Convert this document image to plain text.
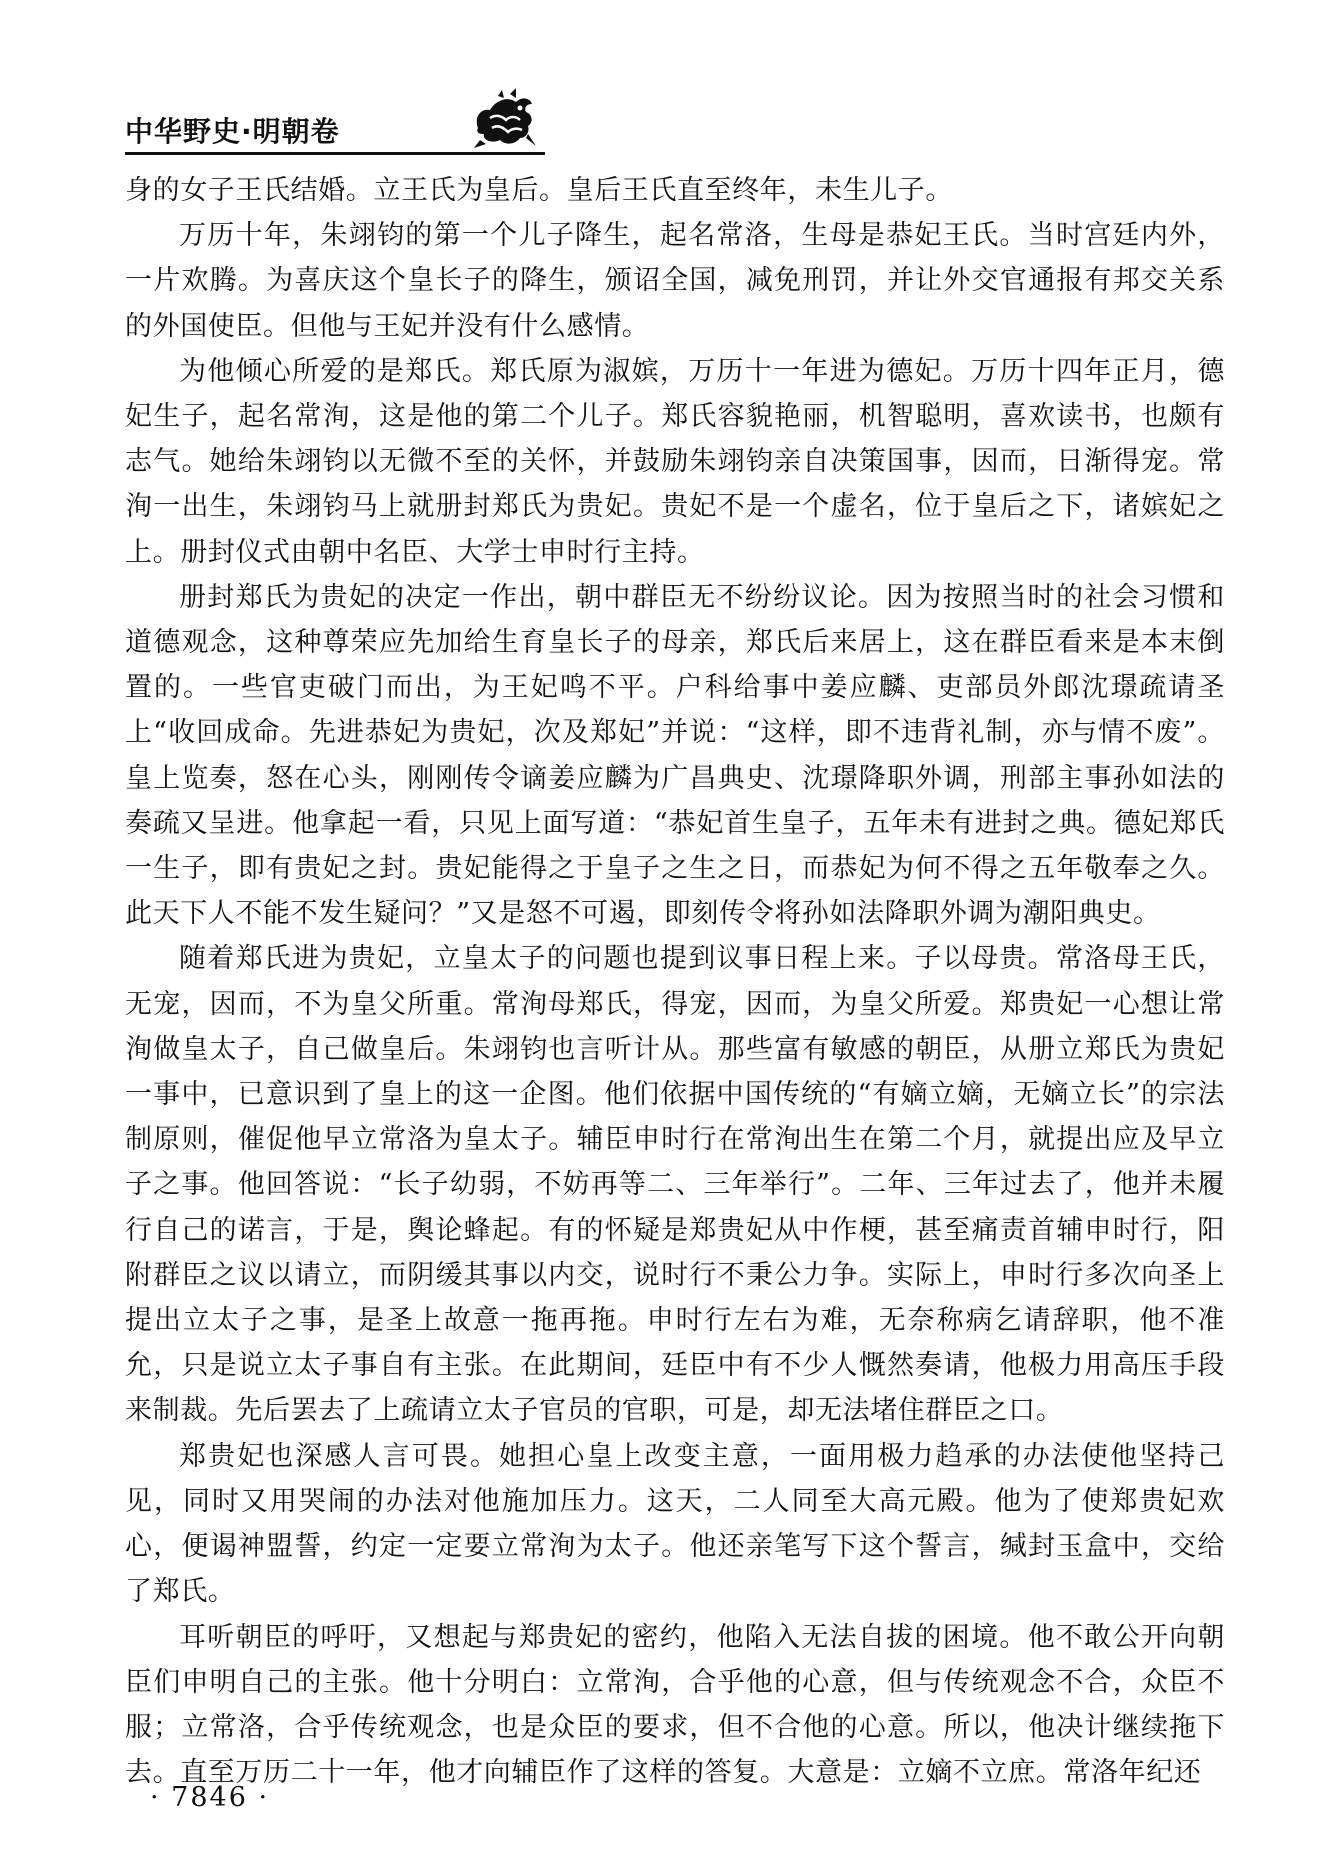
中华野史·明朝卷

身的女子王氏结婚。立王氏为皇后。皇后王氏直至终年，未生儿子。

万历十年，朱翊钧的第一个儿子降生，起名常洛，生母是恭妃王氏。当时宫廷内外，一片欢腾。为喜庆这个皇长子的降生，颁诏全国，减免刑罚，并让外交官通报有邦交关系的外国使臣。但他与王妃并没有什么感情。

为他倾心所爱的是郑氏。郑氏原为淑嫔，万历十一年进为德妃。万历十四年正月，德妃生子，起名常洵，这是他的第二个儿子。郑氏容貌艳丽，机智聪明，喜欢读书，也颇有志气。她给朱翊钧以无微不至的关怀，并鼓励朱翊钧亲自决策国事，因而，日渐得宠。常洵一出生，朱翊钧马上就册封郑氏为贵妃。贵妃不是一个虚名，位于皇后之下，诸嫔妃之上。册封仪式由朝中名臣、大学士申时行主持。

册封郑氏为贵妃的决定一作出，朝中群臣无不纷纷议论。因为按照当时的社会习惯和道德观念，这种尊荣应先加给生育皇长子的母亲，郑氏后来居上，这在群臣看来是本末倒置的。一些官吏破门而出，为王妃鸣不平。户科给事中姜应麟、吏部员外郎沈璟疏请圣上“收回成命。先进恭妃为贵妃，次及郑妃”并说：“这样，即不违背礼制，亦与情不废”。皇上览奏，怒在心头，刚刚传令谪姜应麟为广昌典史、沈璟降职外调，刑部主事孙如法的奏疏又呈进。他拿起一看，只见上面写道：“恭妃首生皇子，五年未有进封之典。德妃郑氏一生子，即有贵妃之封。贵妃能得之于皇子之生之日，而恭妃为何不得之五年敬奉之久。此天下人不能不发生疑问？”又是怒不可遏，即刻传令将孙如法降职外调为潮阳典史。

随着郑氏进为贵妃，立皇太子的问题也提到议事日程上来。子以母贵。常洛母王氏，无宠，因而，不为皇父所重。常洵母郑氏，得宠，因而，为皇父所爱。郑贵妃一心想让常洵做皇太子，自己做皇后。朱翊钧也言听计从。那些富有敏感的朝臣，从册立郑氏为贵妃一事中，已意识到了皇上的这一企图。他们依据中国传统的“有嫡立嫡，无嫡立长”的宗法制原则，催促他早立常洛为皇太子。辅臣申时行在常洵出生在第二个月，就提出应及早立子之事。他回答说：“长子幼弱，不妨再等二、三年举行”。二年、三年过去了，他并未履行自己的诺言，于是，舆论蜂起。有的怀疑是郑贵妃从中作梗，甚至痛责首辅申时行，阳附群臣之议以请立，而阴缓其事以内交，说时行不秉公力争。实际上，申时行多次向圣上提出立太子之事，是圣上故意一拖再拖。申时行左右为难，无奈称病乞请辞职，他不准允，只是说立太子事自有主张。在此期间，廷臣中有不少人慨然奏请，他极力用高压手段来制裁。先后罢去了上疏请立太子官员的官职，可是，却无法堵住群臣之口。

郑贵妃也深感人言可畏。她担心皇上改变主意，一面用极力趋承的办法使他坚持己见，同时又用哭闹的办法对他施加压力。这天，二人同至大高元殿。他为了使郑贵妃欢心，便谒神盟誓，约定一定要立常洵为太子。他还亲笔写下这个誓言，缄封玉盒中，交给了郑氏。

耳听朝臣的呼吁，又想起与郑贵妃的密约，他陷入无法自拔的困境。他不敢公开向朝臣们申明自己的主张。他十分明白：立常洵，合乎他的心意，但与传统观念不合，众臣不服；立常洛，合乎传统观念，也是众臣的要求，但不合他的心意。所以，他决计继续拖下去。直至万历二十一年，他才向辅臣作了这样的答复。大意是：立嫡不立庶。常洛年纪还

· 7846 ·
